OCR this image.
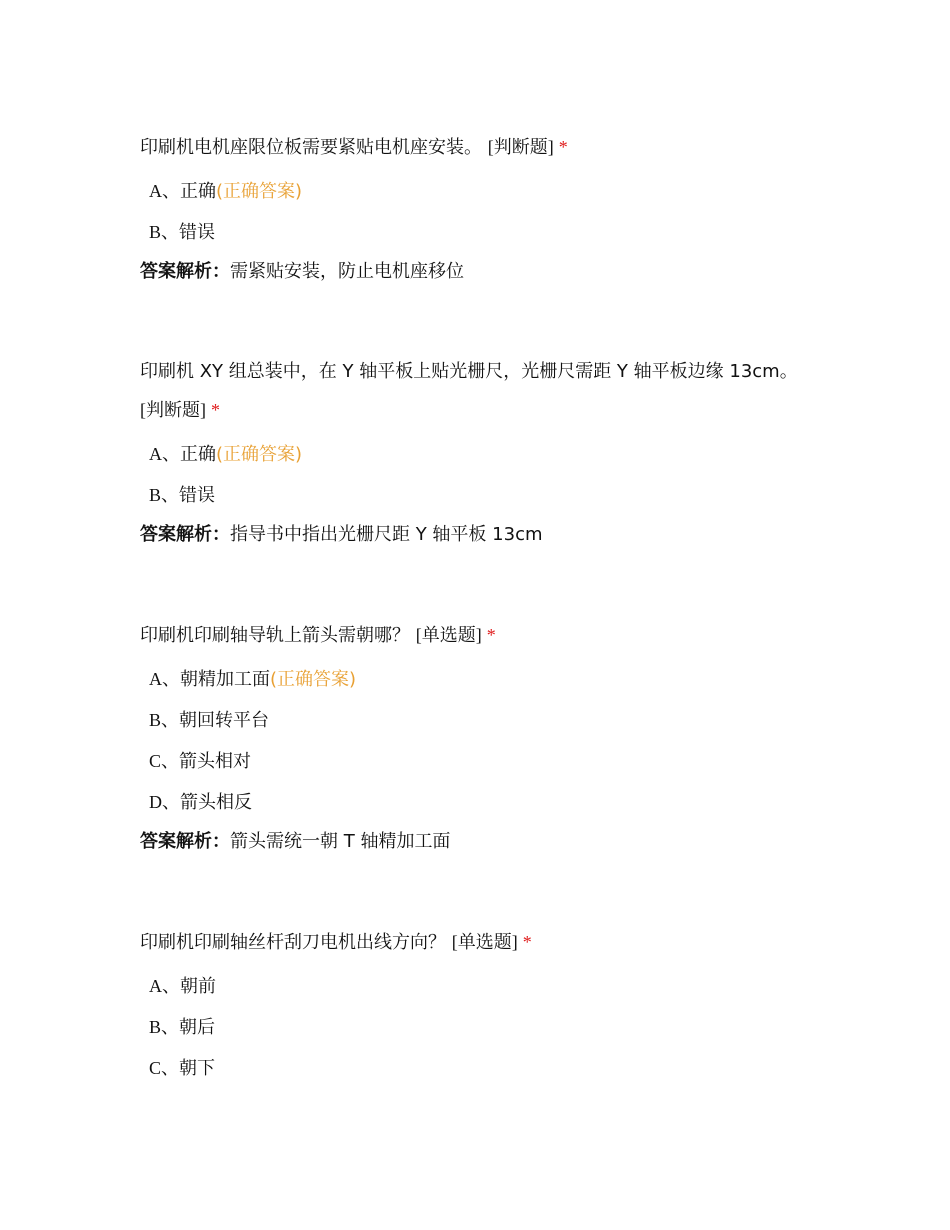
印刷机电机座限位板需要紧贴电机座安装。 [判断题] *
A、正确(正确答案)
B、错误
答案解析：需紧贴安装，防止电机座移位
印刷机 XY 组总装中，在 Y 轴平板上贴光栅尺，光栅尺需距 Y 轴平板边缘 13cm。
[判断题] *
A、正确(正确答案)
B、错误
答案解析：指导书中指出光栅尺距 Y 轴平板 13cm
印刷机印刷轴导轨上箭头需朝哪？ [单选题] *
A、朝精加工面(正确答案)
B、朝回转平台
C、箭头相对
D、箭头相反
答案解析：箭头需统一朝 T 轴精加工面
印刷机印刷轴丝杆刮刀电机出线方向？ [单选题] *
A、朝前
B、朝后
C、朝下
